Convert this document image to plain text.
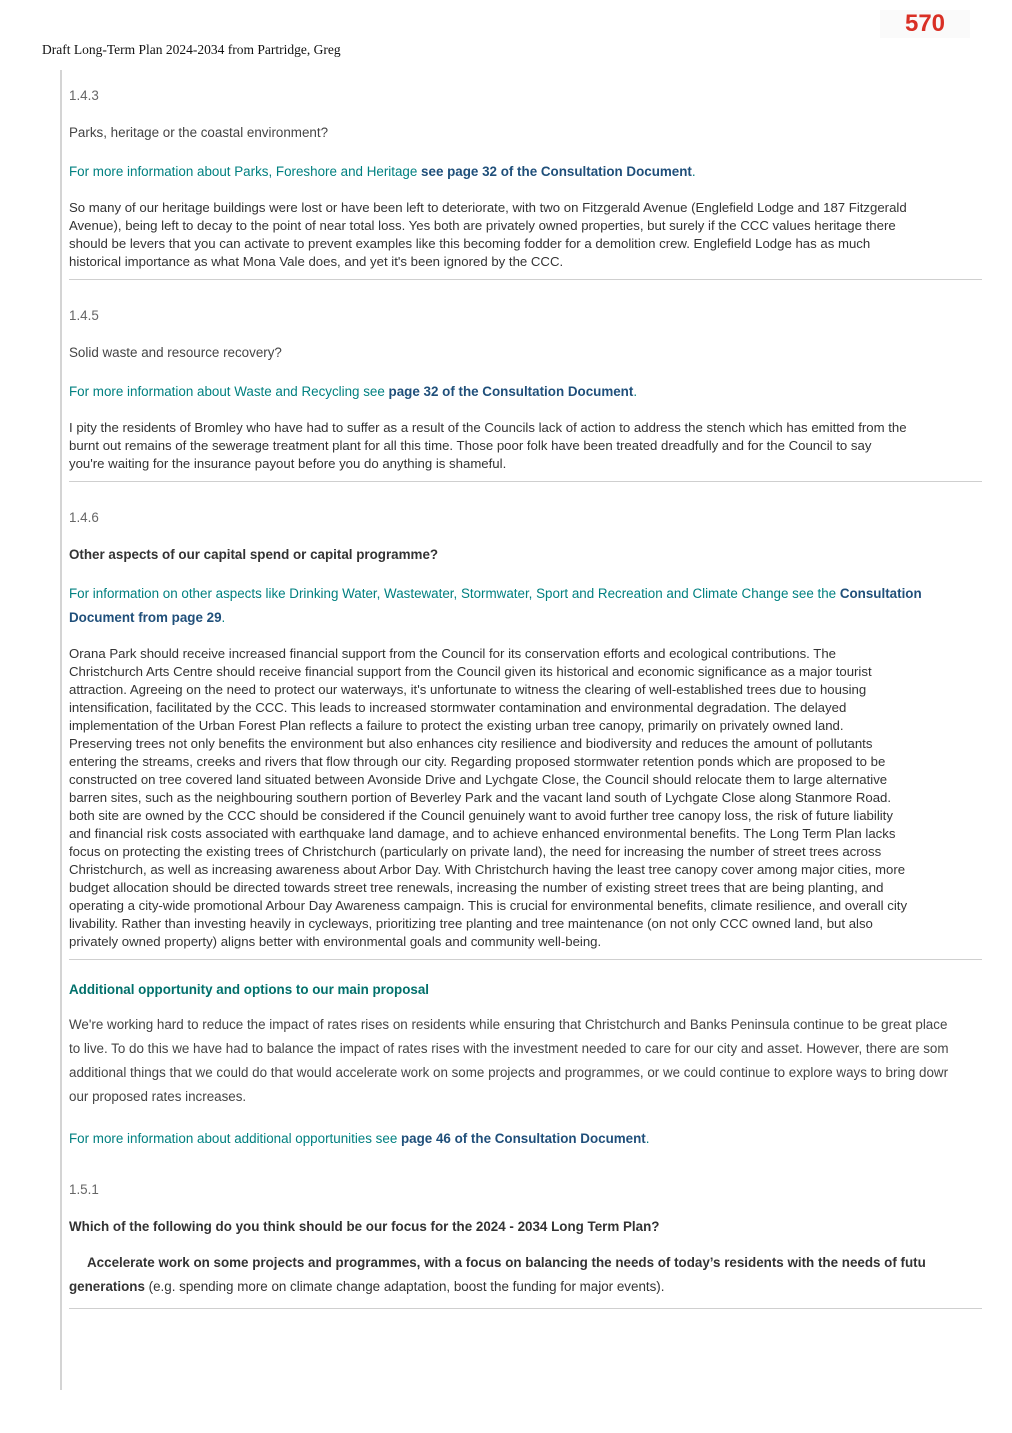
570
Draft Long-Term Plan 2024-2034 from Partridge, Greg

1.4.3

Parks, heritage or the coastal environment?

For more information about Parks, Foreshore and Heritage see page 32 of the Consultation Document.

So many of our heritage buildings were lost or have been left to deteriorate, with two on Fitzgerald Avenue (Englefield Lodge and 187 Fitzgerald Avenue), being left to decay to the point of near total loss. Yes both are privately owned properties, but surely if the CCC values heritage there should be levers that you can activate to prevent examples like this becoming fodder for a demolition crew. Englefield Lodge has as much historical importance as what Mona Vale does, and yet it's been ignored by the CCC.

1.4.5

Solid waste and resource recovery?

For more information about Waste and Recycling see page 32 of the Consultation Document.

I pity the residents of Bromley who have had to suffer as a result of the Councils lack of action to address the stench which has emitted from the burnt out remains of the sewerage treatment plant for all this time. Those poor folk have been treated dreadfully and for the Council to say you're waiting for the insurance payout before you do anything is shameful.

1.4.6

Other aspects of our capital spend or capital programme?

For information on other aspects like Drinking Water, Wastewater, Stormwater, Sport and Recreation and Climate Change see the Consultation Document from page 29.

Orana Park should receive increased financial support from the Council for its conservation efforts and ecological contributions. The Christchurch Arts Centre should receive financial support from the Council given its historical and economic significance as a major tourist attraction. Agreeing on the need to protect our waterways, it's unfortunate to witness the clearing of well-established trees due to housing intensification, facilitated by the CCC. This leads to increased stormwater contamination and environmental degradation. The delayed implementation of the Urban Forest Plan reflects a failure to protect the existing urban tree canopy, primarily on privately owned land. Preserving trees not only benefits the environment but also enhances city resilience and biodiversity and reduces the amount of pollutants entering the streams, creeks and rivers that flow through our city. Regarding proposed stormwater retention ponds which are proposed to be constructed on tree covered land situated between Avonside Drive and Lychgate Close, the Council should relocate them to large alternative barren sites, such as the neighbouring southern portion of Beverley Park and the vacant land south of Lychgate Close along Stanmore Road. both site are owned by the CCC should be considered if the Council genuinely want to avoid further tree canopy loss, the risk of future liability and financial risk costs associated with earthquake land damage, and to achieve enhanced environmental benefits. The Long Term Plan lacks focus on protecting the existing trees of Christchurch (particularly on private land), the need for increasing the number of street trees across Christchurch, as well as increasing awareness about Arbor Day. With Christchurch having the least tree canopy cover among major cities, more budget allocation should be directed towards street tree renewals, increasing the number of existing street trees that are being planting, and operating a city-wide promotional Arbour Day Awareness campaign. This is crucial for environmental benefits, climate resilience, and overall city livability. Rather than investing heavily in cycleways, prioritizing tree planting and tree maintenance (on not only CCC owned land, but also privately owned property) aligns better with environmental goals and community well-being.

Additional opportunity and options to our main proposal

We're working hard to reduce the impact of rates rises on residents while ensuring that Christchurch and Banks Peninsula continue to be great place

to live. To do this we have had to balance the impact of rates rises with the investment needed to care for our city and asset. However, there are som

additional things that we could do that would accelerate work on some projects and programmes, or we could continue to explore ways to bring dowr

our proposed rates increases.

For more information about additional opportunities see page 46 of the Consultation Document.

1.5.1

Which of the following do you think should be our focus for the 2024 - 2034 Long Term Plan?

Accelerate work on some projects and programmes, with a focus on balancing the needs of today’s residents with the needs of futu
generations (e.g. spending more on climate change adaptation, boost the funding for major events).
